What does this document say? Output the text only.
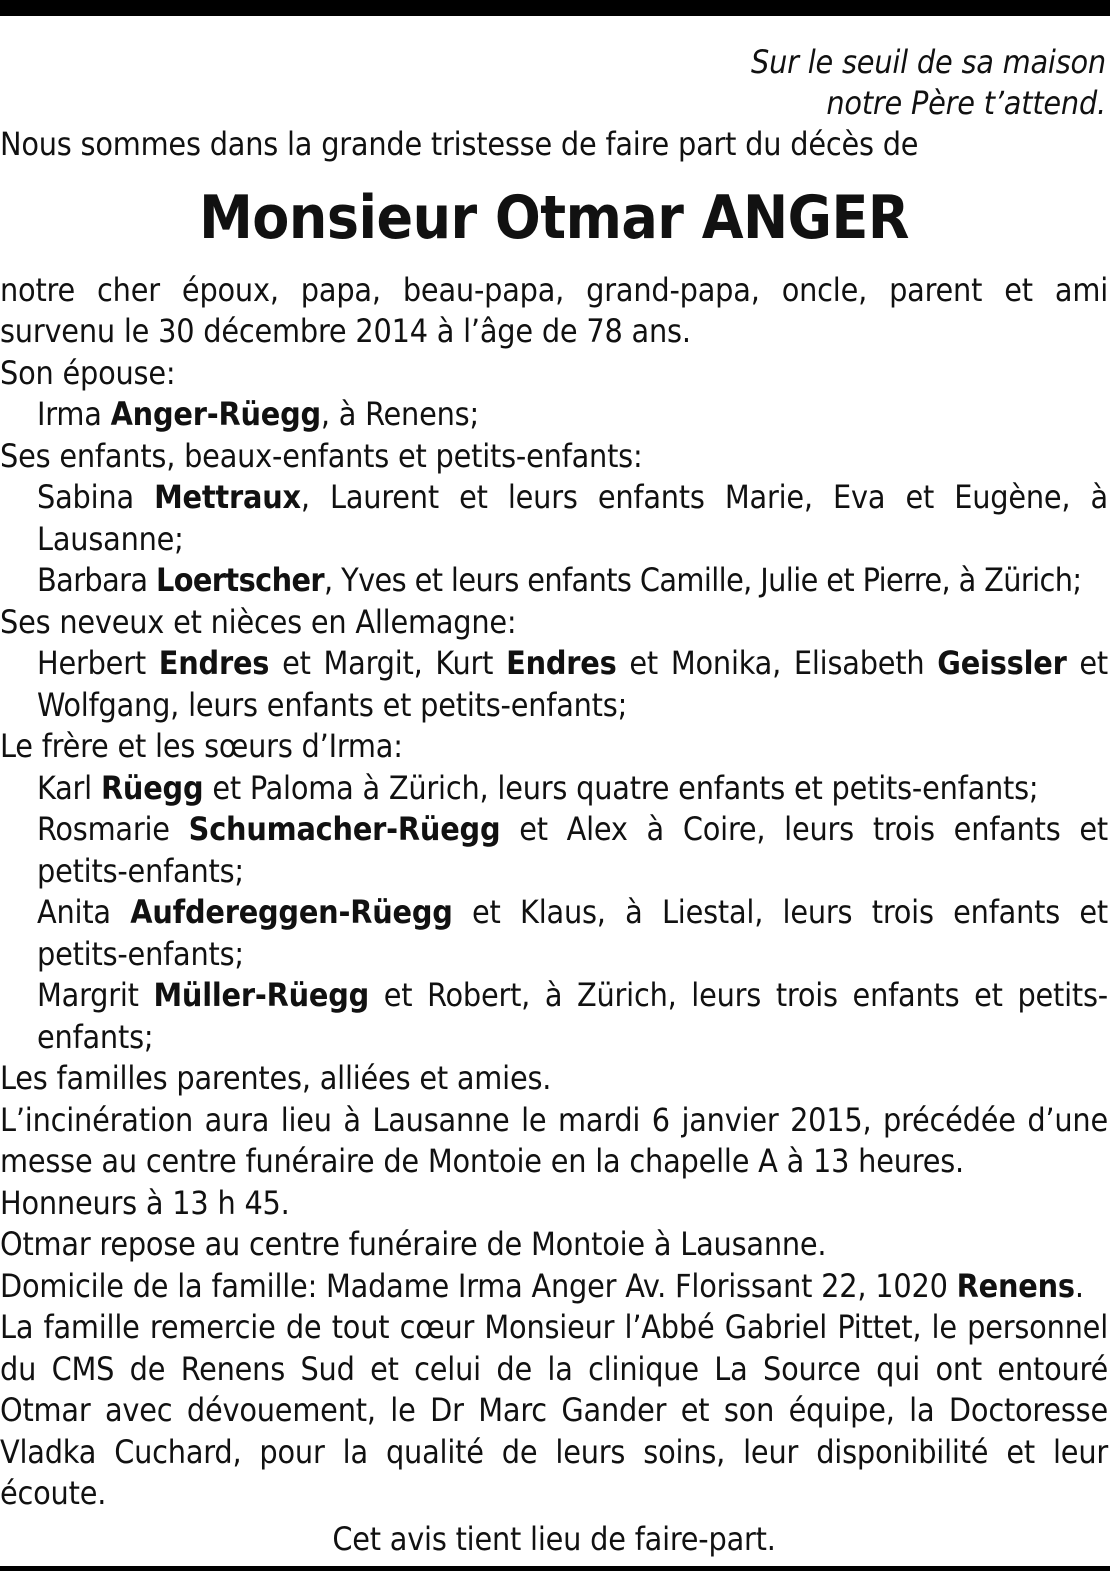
Sur le seuil de sa maison
notre Père t’attend.

Nous sommes dans la grande tristesse de faire part du décès de

Monsieur Otmar ANGER

notre cher époux, papa, beau-papa, grand-papa, oncle, parent et ami survenu le 30 décembre 2014 à l’âge de 78 ans.

Son épouse:

Irma Anger-Rüegg, à Renens;

Ses enfants, beaux-enfants et petits-enfants:

Sabina Mettraux, Laurent et leurs enfants Marie, Eva et Eugène, à Lausanne;

Barbara Loertscher, Yves et leurs enfants Camille, Julie et Pierre, à Zürich;

Ses neveux et nièces en Allemagne:

Herbert Endres et Margit, Kurt Endres et Monika, Elisabeth Geissler et Wolfgang, leurs enfants et petits-enfants;

Le frère et les sœurs d’Irma:

Karl Rüegg et Paloma à Zürich, leurs quatre enfants et petits-enfants;

Rosmarie Schumacher-Rüegg et Alex à Coire, leurs trois enfants et petits-enfants;

Anita Aufdereggen-Rüegg et Klaus, à Liestal, leurs trois enfants et petits-enfants;

Margrit Müller-Rüegg et Robert, à Zürich, leurs trois enfants et petits-enfants;

Les familles parentes, alliées et amies.

L’incinération aura lieu à Lausanne le mardi 6 janvier 2015, précédée d’une messe au centre funéraire de Montoie en la chapelle A à 13 heures.

Honneurs à 13 h 45.

Otmar repose au centre funéraire de Montoie à Lausanne.

Domicile de la famille: Madame Irma Anger Av. Florissant 22, 1020 Renens.

La famille remercie de tout cœur Monsieur l’Abbé Gabriel Pittet, le personnel du CMS de Renens Sud et celui de la clinique La Source qui ont entouré Otmar avec dévouement, le Dr Marc Gander et son équipe, la Doctoresse Vladka Cuchard, pour la qualité de leurs soins, leur disponibilité et leur écoute.

Cet avis tient lieu de faire-part.
